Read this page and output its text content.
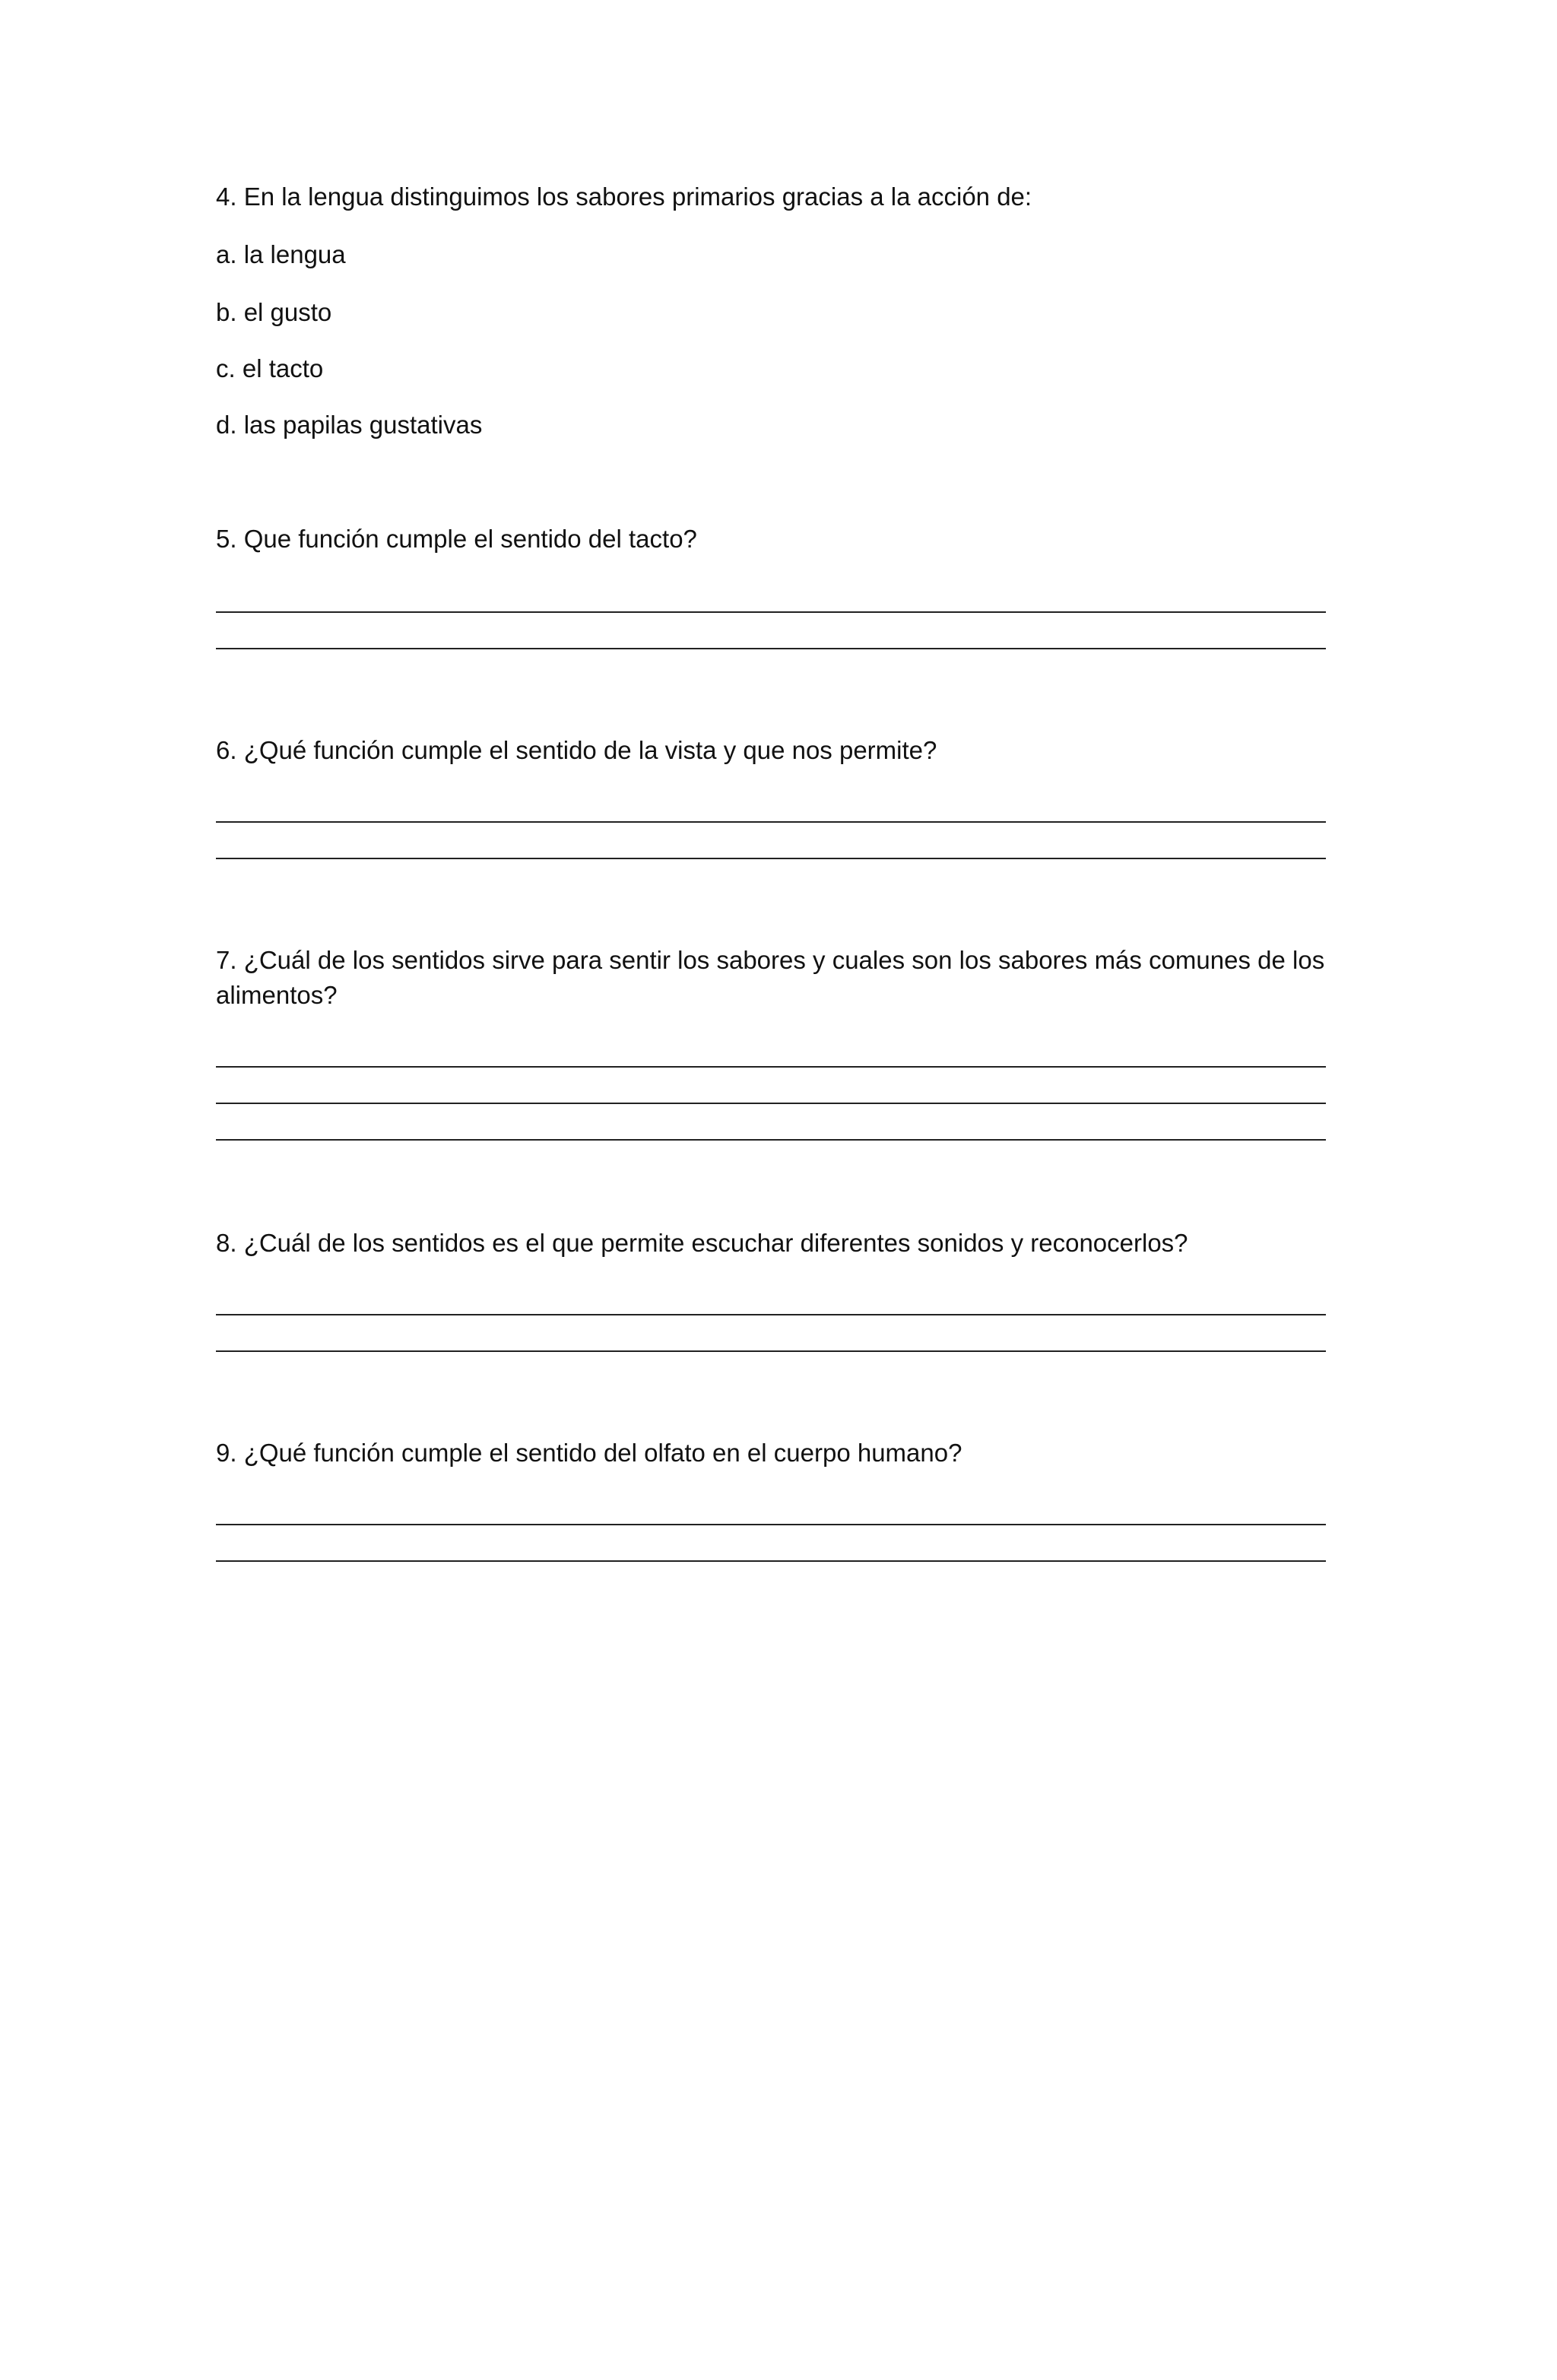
4. En la lengua distinguimos los sabores primarios gracias a la acción de:
a. la lengua
b. el gusto
c. el tacto
d. las papilas gustativas
5. Que función cumple el sentido del tacto?
6. ¿Qué función cumple el sentido de la vista y que nos permite?
7. ¿Cuál de los sentidos sirve para sentir los sabores y cuales son los sabores más comunes de los alimentos?
8. ¿Cuál de los sentidos es el que permite escuchar diferentes sonidos y reconocerlos?
9. ¿Qué función cumple el sentido del olfato en el cuerpo humano?
